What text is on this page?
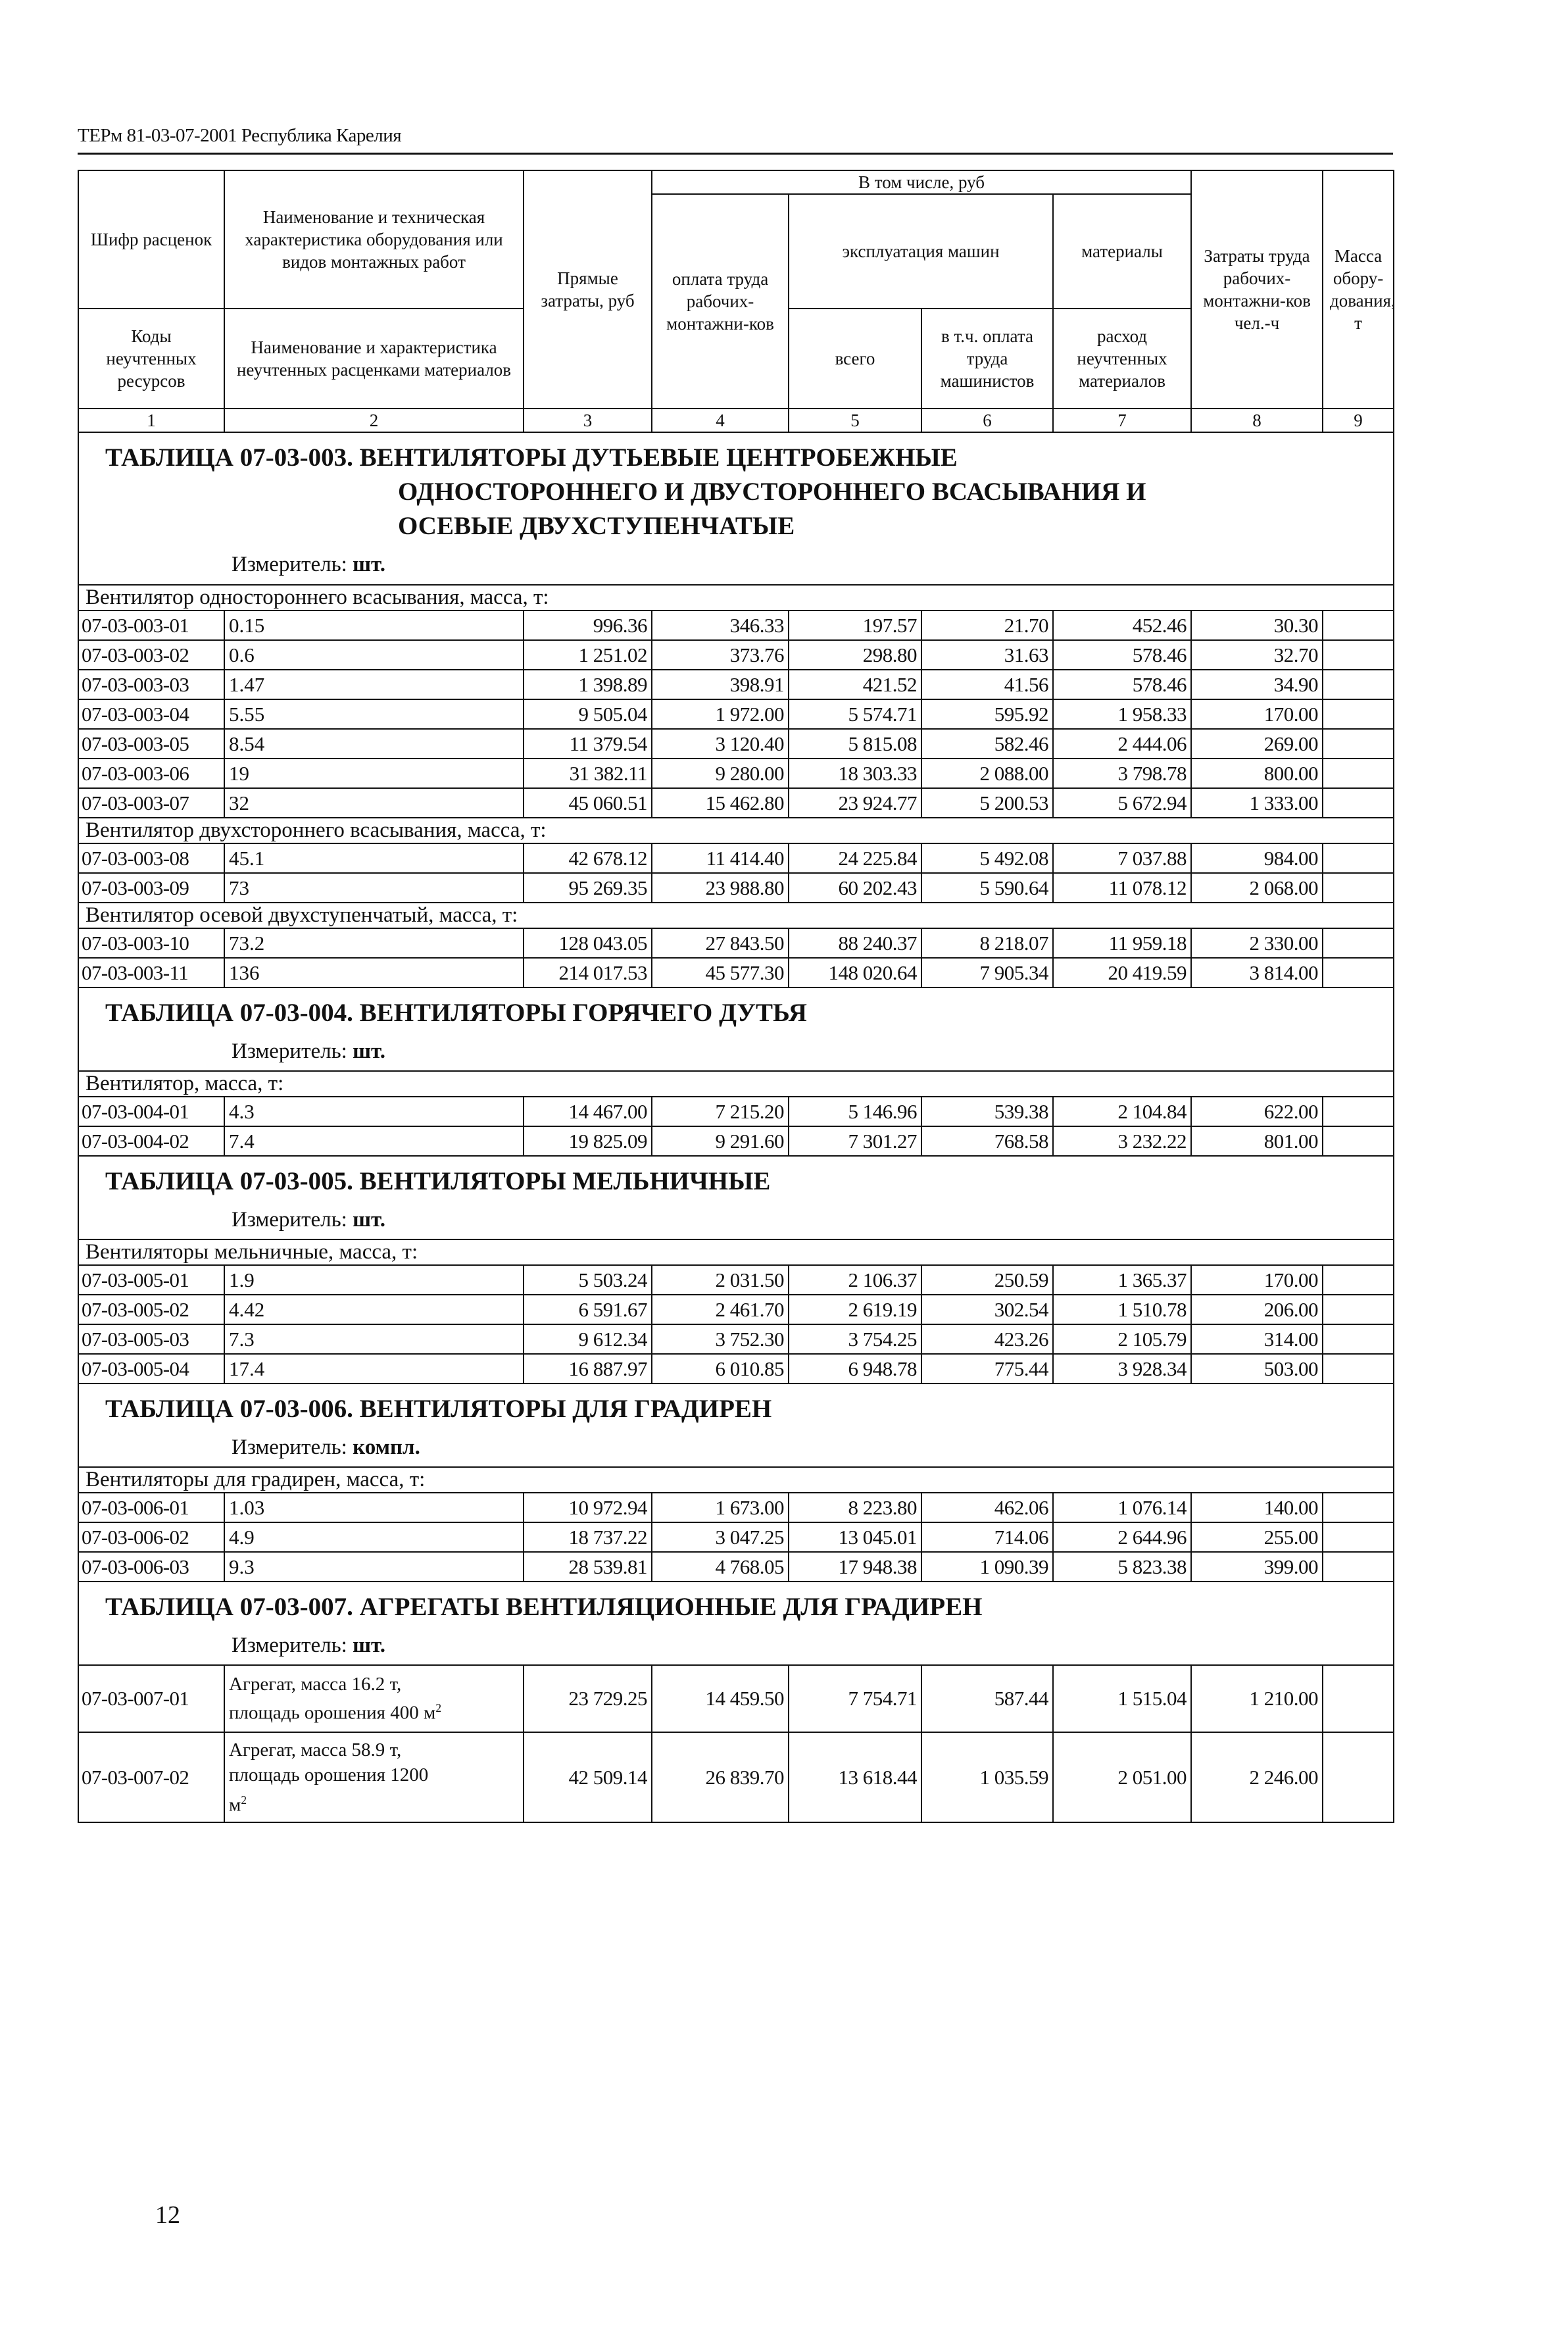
ТЕРм 81-03-07-2001 Республика Карелия
Шифр расценок	Наименование и техническая характеристика оборудования или видов монтажных работ	Прямые затраты, руб	В том числе, руб				Затраты труда рабочих-монтажни-ков чел.-ч	Масса обору-дования, т
			оплата труда рабочих-монтажни-ков	эксплуатация машин		материалы		
Коды неучтенных ресурсов	Наименование и характеристика неучтенных расценками материалов			всего	в т.ч. оплата труда машинистов	расход неучтенных материалов		

1	2	3	4	5	6	7	8	9

ТАБЛИЦА 07-03-003. ВЕНТИЛЯТОРЫ ДУТЬЕВЫЕ ЦЕНТРОБЕЖНЫЕ
ОДНОСТОРОННЕГО И ДВУСТОРОННЕГО ВСАСЫВАНИЯ И
ОСЕВЫЕ ДВУХСТУПЕНЧАТЫЕ
Измеритель: шт.								

Вентилятор одностороннего всасывания, масса, т:								
07-03-003-01	0.15	996.36	346.33	197.57	21.70	452.46	30.30	
07-03-003-02	0.6	1 251.02	373.76	298.80	31.63	578.46	32.70	
07-03-003-03	1.47	1 398.89	398.91	421.52	41.56	578.46	34.90	
07-03-003-04	5.55	9 505.04	1 972.00	5 574.71	595.92	1 958.33	170.00	
07-03-003-05	8.54	11 379.54	3 120.40	5 815.08	582.46	2 444.06	269.00	
07-03-003-06	19	31 382.11	9 280.00	18 303.33	2 088.00	3 798.78	800.00	
07-03-003-07	32	45 060.51	15 462.80	23 924.77	5 200.53	5 672.94	1 333.00	
Вентилятор двухстороннего всасывания, масса, т:								
07-03-003-08	45.1	42 678.12	11 414.40	24 225.84	5 492.08	7 037.88	984.00	
07-03-003-09	73	95 269.35	23 988.80	60 202.43	5 590.64	11 078.12	2 068.00	
Вентилятор осевой двухступенчатый, масса, т:								
07-03-003-10	73.2	128 043.05	27 843.50	88 240.37	8 218.07	11 959.18	2 330.00	
07-03-003-11	136	214 017.53	45 577.30	148 020.64	7 905.34	20 419.59	3 814.00	

ТАБЛИЦА 07-03-004. ВЕНТИЛЯТОРЫ ГОРЯЧЕГО ДУТЬЯ
Измеритель: шт.								

Вентилятор, масса, т:								
07-03-004-01	4.3	14 467.00	7 215.20	5 146.96	539.38	2 104.84	622.00	
07-03-004-02	7.4	19 825.09	9 291.60	7 301.27	768.58	3 232.22	801.00	

ТАБЛИЦА 07-03-005. ВЕНТИЛЯТОРЫ МЕЛЬНИЧНЫЕ
Измеритель: шт.								

Вентиляторы мельничные, масса, т:								
07-03-005-01	1.9	5 503.24	2 031.50	2 106.37	250.59	1 365.37	170.00	
07-03-005-02	4.42	6 591.67	2 461.70	2 619.19	302.54	1 510.78	206.00	
07-03-005-03	7.3	9 612.34	3 752.30	3 754.25	423.26	2 105.79	314.00	
07-03-005-04	17.4	16 887.97	6 010.85	6 948.78	775.44	3 928.34	503.00	

ТАБЛИЦА 07-03-006. ВЕНТИЛЯТОРЫ ДЛЯ ГРАДИРЕН
Измеритель: компл.								

Вентиляторы для градирен, масса, т:								
07-03-006-01	1.03	10 972.94	1 673.00	8 223.80	462.06	1 076.14	140.00	
07-03-006-02	4.9	18 737.22	3 047.25	13 045.01	714.06	2 644.96	255.00	
07-03-006-03	9.3	28 539.81	4 768.05	17 948.38	1 090.39	5 823.38	399.00	

ТАБЛИЦА 07-03-007. АГРЕГАТЫ ВЕНТИЛЯЦИОННЫЕ ДЛЯ ГРАДИРЕН
Измеритель: шт.								

07-03-007-01	Агрегат, масса 16.2 т,
площадь орошения 400 $м^2$	23 729.25	14 459.50	7 754.71	587.44	1 515.04	1 210.00	
07-03-007-02	Агрегат, масса 58.9 т,
площадь орошения 1200
$м^2$	42 509.14	26 839.70	13 618.44	1 035.59	2 051.00	2 246.00	
12
